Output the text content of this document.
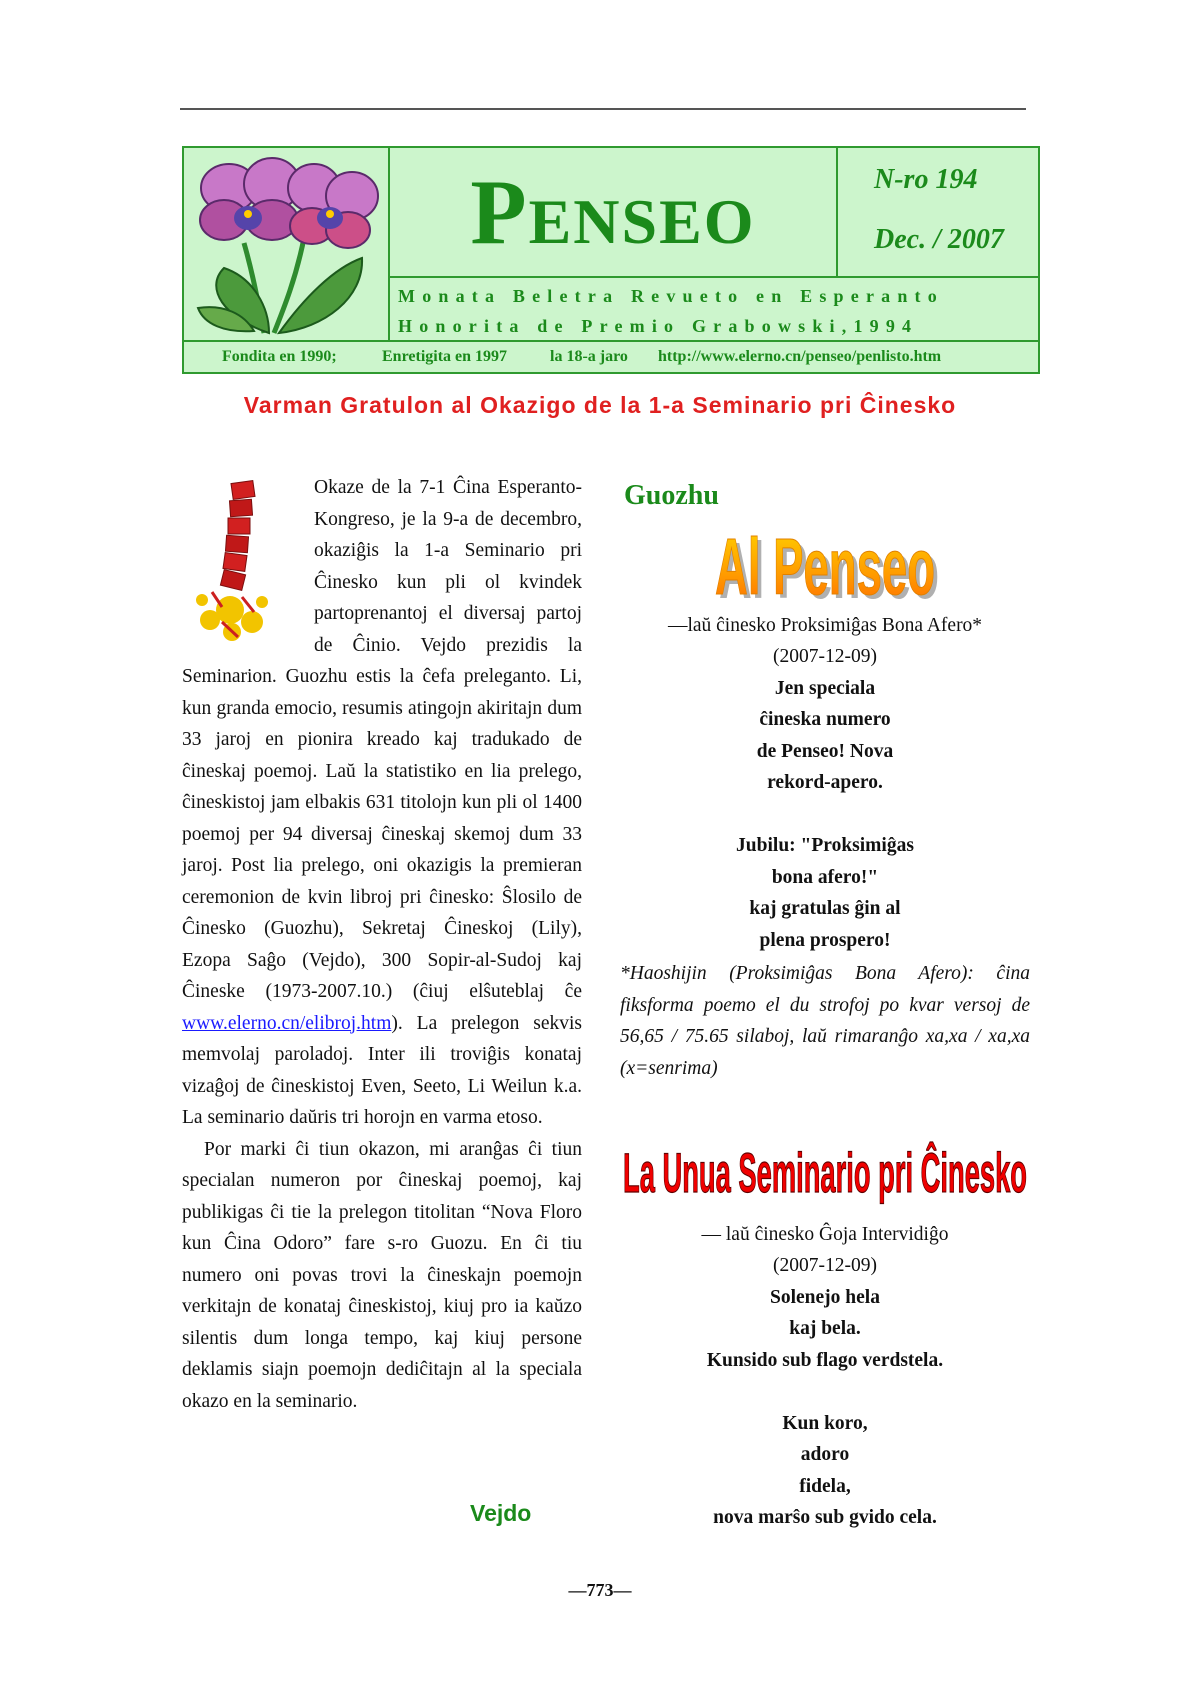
Penseo	N-ro 194
Dec. / 2007
Monata Beletra Revueto en Esperanto
Honorita de Premio Grabowski,1994
Fondita en 1990;	Enretigita en 1997	la 18-a jaro http://www.elerno.cn/penseo/penlisto.htm
Varman Gratulon al Okazigo de la 1-a Seminario pri Ĉinesko

Okaze de la 7-1 Ĉina Esperanto-Kongreso, je la 9-a de decembro, okaziĝis la 1-a Seminario pri Ĉinesko kun pli ol kvindek partoprenantoj el diversaj partoj de Ĉinio. Vejdo prezidis la Seminarion. Guozhu estis la ĉefa preleganto. Li, kun granda emocio, resumis atingojn akiritajn dum 33 jaroj en pionira kreado kaj tradukado de ĉineskaj poemoj. Laŭ la statistiko en lia prelego, ĉineskistoj jam elbakis 631 titolojn kun pli ol 1400 poemoj per 94 diversaj ĉineskaj skemoj dum 33 jaroj. Post lia prelego, oni okazigis la premieran ceremonion de kvin libroj pri ĉinesko: Ŝlosilo de Ĉinesko (Guozhu), Sekretaj Ĉineskoj (Lily), Ezopa Saĝo (Vejdo), 300 Sopir-al-Sudoj kaj Ĉineske (1973-2007.10.) (ĉiuj elŝuteblaj ĉe www.elerno.cn/elibroj.htm). La prelegon sekvis memvolaj paroladoj. Inter ili troviĝis konataj vizaĝoj de ĉineskistoj Even, Seeto, Li Weilun k.a. La seminario daŭris tri horojn en varma etoso.

Por marki ĉi tiun okazon, mi aranĝas ĉi tiun specialan numeron por ĉineskaj poemoj, kaj publikigas ĉi tie la prelegon titolitan “Nova Floro kun Ĉina Odoro” fare s-ro Guozu. En ĉi tiu numero oni povas trovi la ĉineskajn poemojn verkitajn de konataj ĉineskistoj, kiuj pro ia kaŭzo silentis dum longa tempo, kaj kiuj persone deklamis siajn poemojn dediĉitajn al la speciala okazo en la seminario.

Vejdo
Guozhu
Al Penseo
Al Penseo
—laŭ ĉinesko Proksimiĝas Bona Afero*
(2007-12-09)
Jen speciala
ĉineska numero
de Penseo! Nova
rekord-apero.
Jubilu: "Proksimiĝas
bona afero!"
kaj gratulas ĝin al
plena prospero!
*Haoshijin (Proksimiĝas Bona Afero): ĉina fiksforma poemo el du strofoj po kvar versoj de 56,65 / 75.65 silaboj, laŭ rimaranĝo xa,xa / xa,xa (x=senrima)
La Unua Seminario pri Ĉinesko
— laŭ ĉinesko Ĝoja Intervidiĝo
(2007-12-09)
Solenejo hela
kaj bela.
Kunsido sub flago verdstela.
Kun koro,
adoro
fidela,
nova marŝo sub gvido cela.
—773—
